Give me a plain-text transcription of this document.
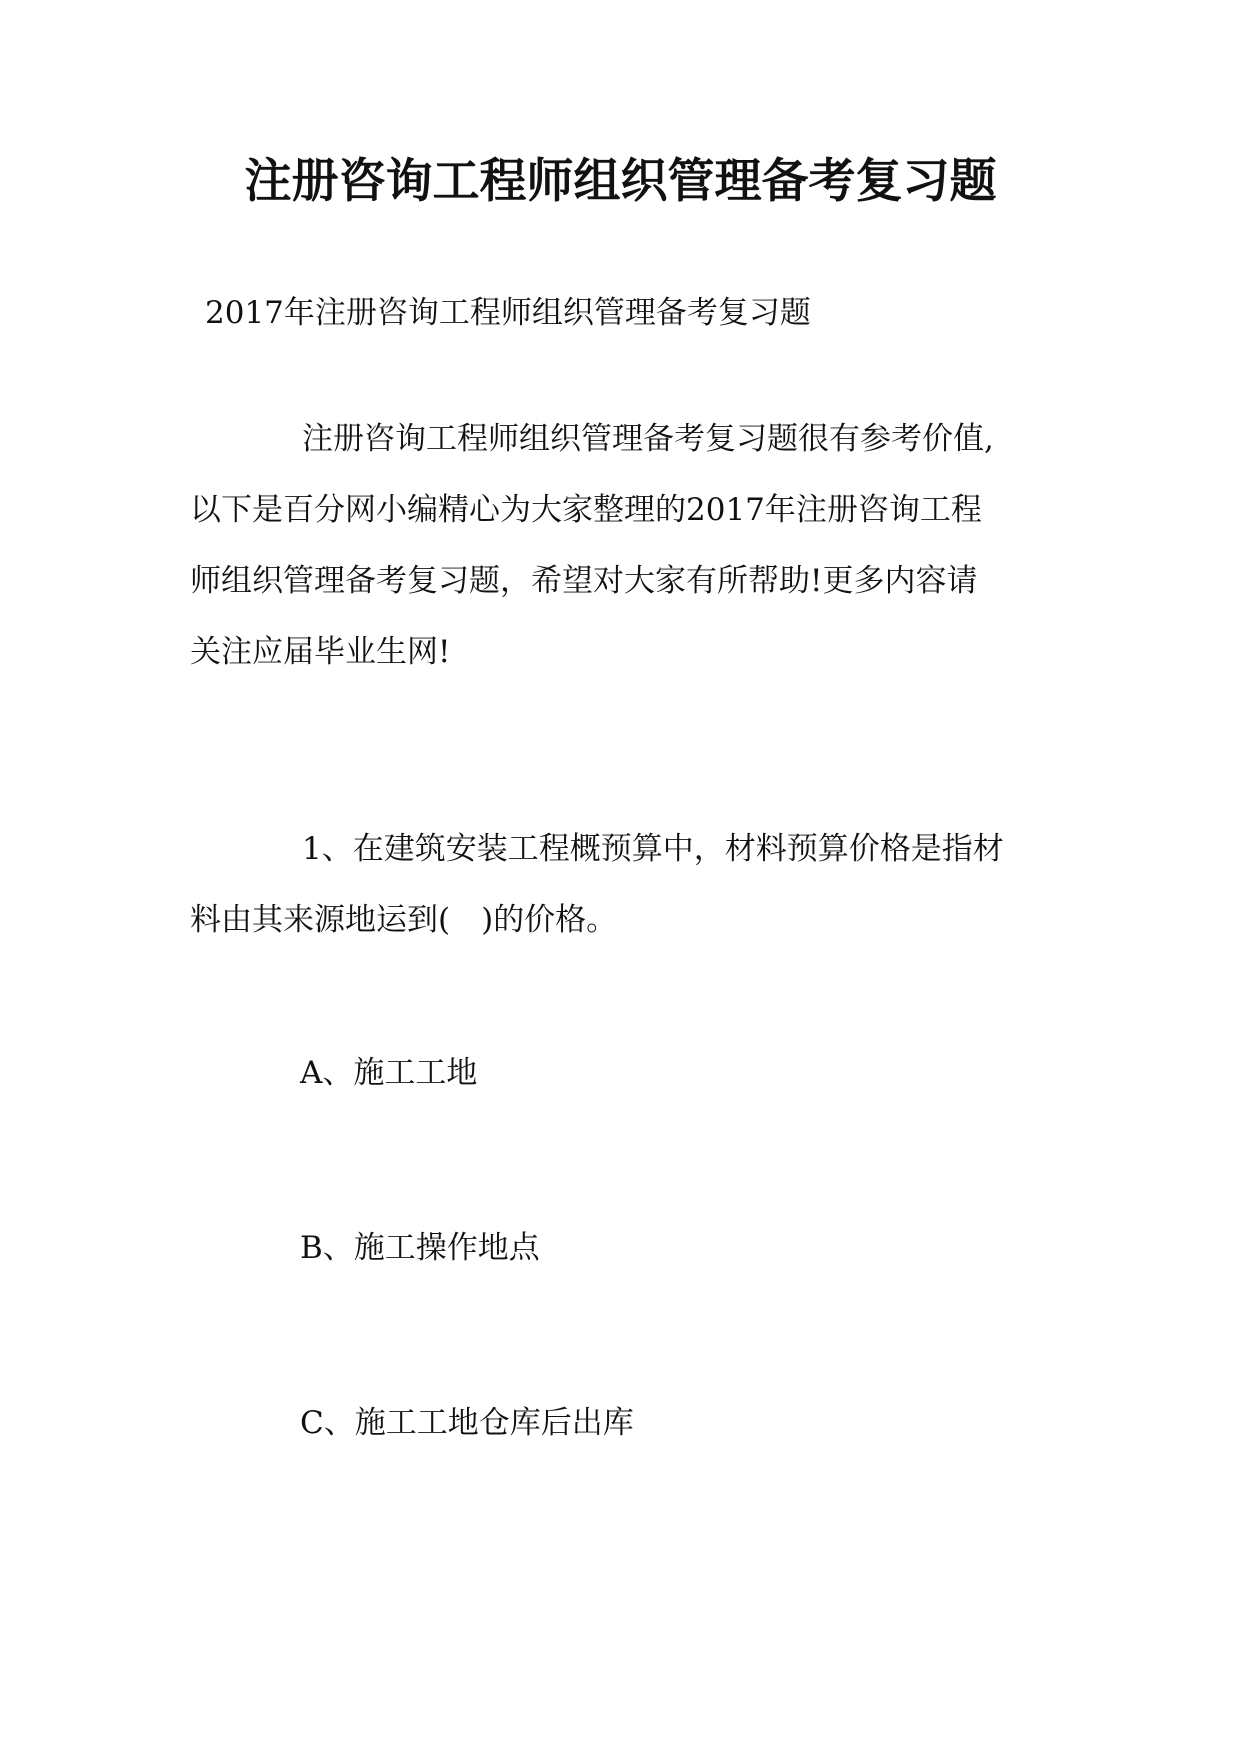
注册咨询工程师组织管理备考复习题
2017年注册咨询工程师组织管理备考复习题
注册咨询工程师组织管理备考复习题很有参考价值,
以下是百分网小编精心为大家整理的2017年注册咨询工程
师组织管理备考复习题，希望对大家有所帮助!更多内容请
关注应届毕业生网!
1、在建筑安装工程概预算中，材料预算价格是指材
料由其来源地运到(　)的价格。
A、施工工地
B、施工操作地点
C、施工工地仓库后出库
